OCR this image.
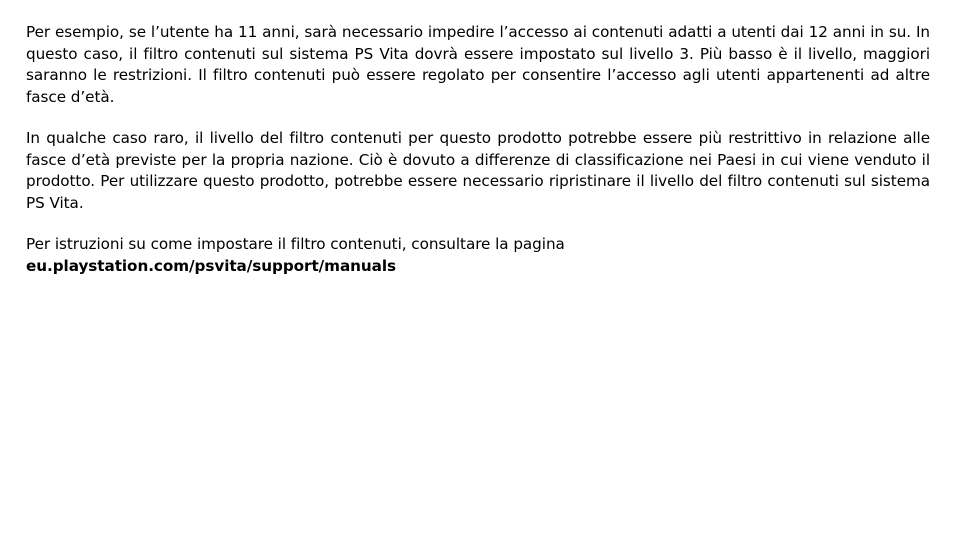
Per esempio, se l’utente ha 11 anni, sarà necessario impedire l’accesso ai contenuti adatti a utenti dai 12 anni in su. In questo caso, il filtro contenuti sul sistema PS Vita dovrà essere impostato sul livello 3. Più basso è il livello, maggiori saranno le restrizioni. Il filtro contenuti può essere regolato per consentire l’accesso agli utenti appartenenti ad altre fasce d’età.

In qualche caso raro, il livello del filtro contenuti per questo prodotto potrebbe essere più restrittivo in relazione alle fasce d’età previste per la propria nazione. Ciò è dovuto a differenze di classificazione nei Paesi in cui viene venduto il prodotto. Per utilizzare questo prodotto, potrebbe essere necessario ripristinare il livello del filtro contenuti sul sistema PS Vita.

Per istruzioni su come impostare il filtro contenuti, consultare la pagina

eu.playstation.com/psvita/support/manuals
